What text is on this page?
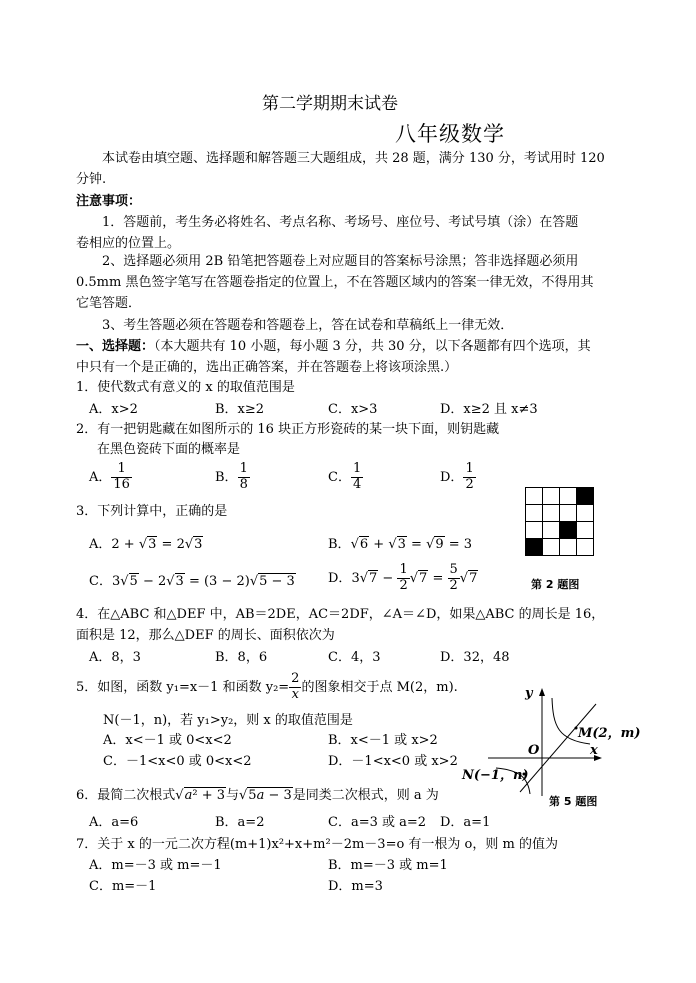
第二学期期末试卷
八年级数学
本试卷由填空题、选择题和解答题三大题组成，共 28 题，满分 130 分，考试用时 120
分钟.
注意事项：
1．答题前，考生务必将姓名、考点名称、考场号、座位号、考试号填（涂）在答题
卷相应的位置上。
2、选择题必须用 2B 铅笔把答题卷上对应题目的答案标号涂黑；答非选择题必须用
0.5mm 黑色签字笔写在答题卷指定的位置上，不在答题区域内的答案一律无效，不得用其
它笔答题．
3、考生答题必须在答题卷和答题卷上，答在试卷和草稿纸上一律无效．
一、选择题：（本大题共有 10 小题，每小题 3 分，共 30 分，以下各题都有四个选项，其
中只有一个是正确的，选出正确答案，并在答题卷上将该项涂黑.）
1．使代数式有意义的 x 的取值范围是
A．x>2	B．x≥2	C．x>3	D．x≥2 且 x≠3
2．有一把钥匙藏在如图所示的 16 块正方形瓷砖的某一块下面，则钥匙藏
在黑色瓷砖下面的概率是
A． $\frac{1}{16}$	B． $\frac{1}{8}$	C． $\frac{1}{4}$	D． $\frac{1}{2}$

第 2 题图
3．下列计算中，正确的是
A．2 + √3 = 2√3	B．√6 + √3 = √9 = 3
C．3√5 − 2√3 = (3 − 2)√5 − 3	D．$3√7 - \frac{1}{2} √7 = \frac{5}{2} √7$
4．在△ABC 和△DEF 中，AB＝2DE，AC＝2DF，∠A＝∠D，如果△ABC 的周长是 16，
面积是 12，那么△DEF 的周长、面积依次为
A．8，3	B．8，6	C．4，3	D．32，48
5．如图，函数 y₁=x－1 和函数 $y_2= \frac{2}{x}$ 的图象相交于点 M(2，m).
N(－1，n)，若 y₁>y₂，则 x 的取值范围是
A．x<－1 或 0<x<2	B．x<－1 或 x>2
C．－1<x<0 或 0<x<2	D．－1<x<0 或 x>2
y
x
O
M(2，m)
N(−1，n)
第 5 题图
6．最简二次根式√a² + 3与√5a − 3是同类二次根式，则 a 为
A．a=6	B．a=2	C．a=3 或 a=2 D．a=1
7．关于 x 的一元二次方程(m+1)x²+x+m²－2m－3=o 有一根为 o，则 m 的值为
A．m=－3 或 m=－1	B．m=－3 或 m=1
C．m=－1	D．m=3
